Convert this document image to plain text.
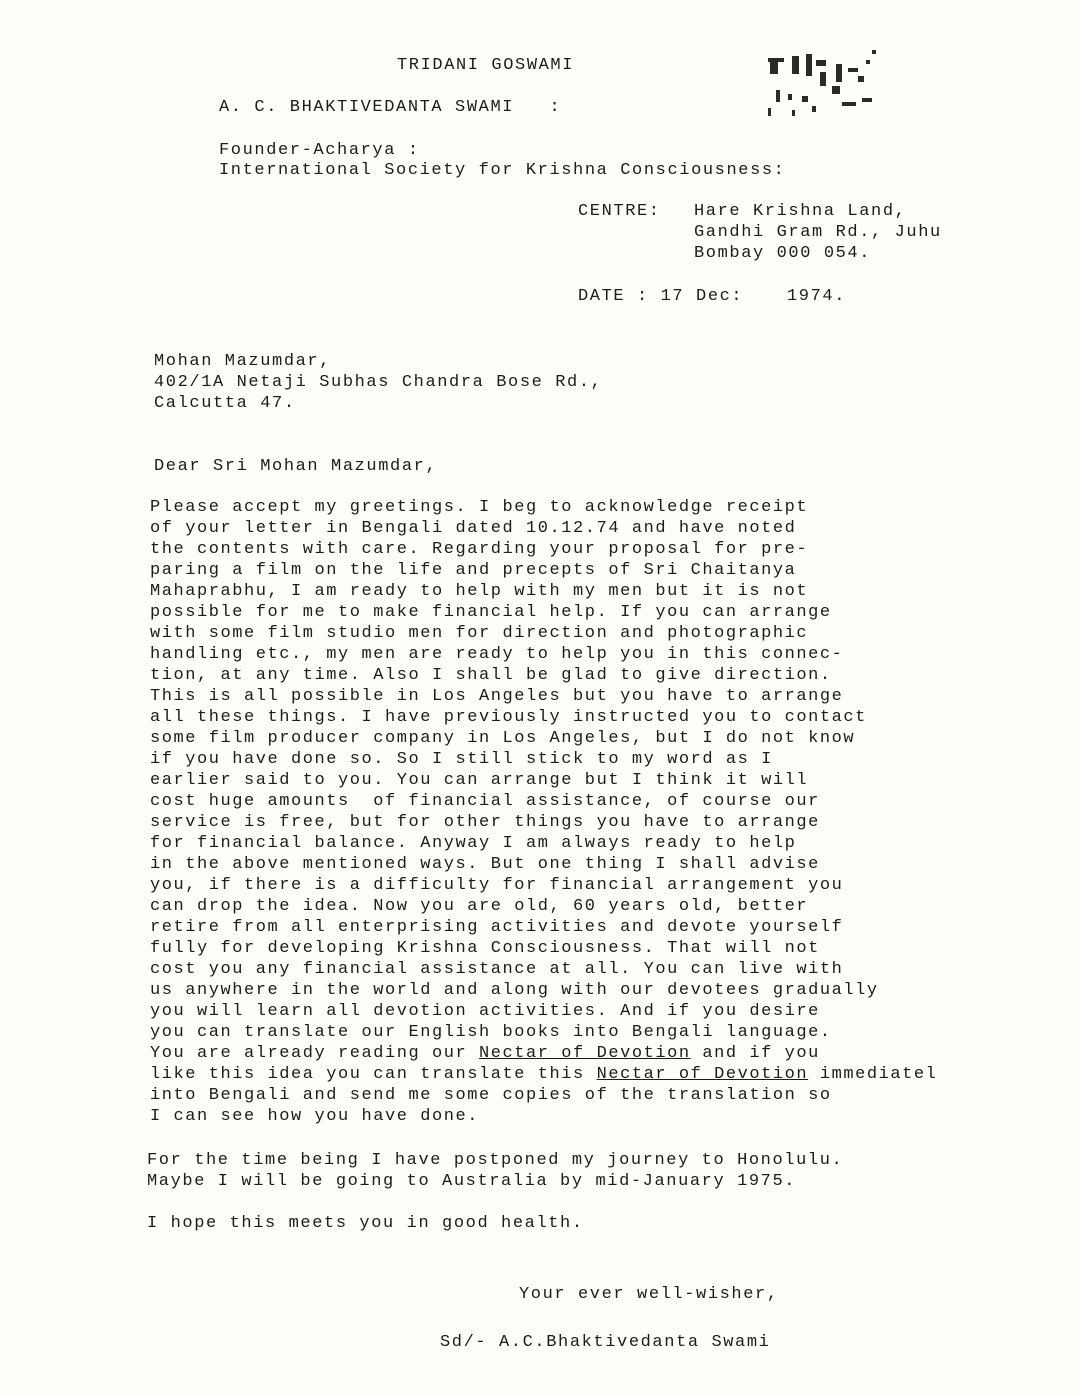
TRIDANI GOSWAMI
A. C. BHAKTIVEDANTA SWAMI   :
Founder-Acharya :
International Society for Krishna Consciousness:
CENTRE: Hare Krishna Land,
Gandhi Gram Rd., Juhu
Bombay 000 054.
DATE : 17 Dec:	1974.
Mohan Mazumdar,
402/1A Netaji Subhas Chandra Bose Rd.,
Calcutta 47.
Dear Sri Mohan Mazumdar,
Please accept my greetings. I beg to acknowledge receipt
of your letter in Bengali dated 10.12.74 and have noted
the contents with care. Regarding your proposal for pre-
paring a film on the life and precepts of Sri Chaitanya
Mahaprabhu, I am ready to help with my men but it is not
possible for me to make financial help. If you can arrange
with some film studio men for direction and photographic
handling etc., my men are ready to help you in this connec-
tion, at any time. Also I shall be glad to give direction.
This is all possible in Los Angeles but you have to arrange
all these things. I have previously instructed you to contact
some film producer company in Los Angeles, but I do not know
if you have done so. So I still stick to my word as I
earlier said to you. You can arrange but I think it will
cost huge amounts  of financial assistance, of course our
service is free, but for other things you have to arrange
for financial balance. Anyway I am always ready to help
in the above mentioned ways. But one thing I shall advise
you, if there is a difficulty for financial arrangement you
can drop the idea. Now you are old, 60 years old, better
retire from all enterprising activities and devote yourself
fully for developing Krishna Consciousness. That will not
cost you any financial assistance at all. You can live with
us anywhere in the world and along with our devotees gradually
you will learn all devotion activities. And if you desire
you can translate our English books into Bengali language.
You are already reading our Nectar of Devotion and if you
like this idea you can translate this Nectar of Devotion immediatel
into Bengali and send me some copies of the translation so
I can see how you have done.
For the time being I have postponed my journey to Honolulu.
Maybe I will be going to Australia by mid-January 1975.
I hope this meets you in good health.
Your ever well-wisher,
Sd/- A.C.Bhaktivedanta Swami
